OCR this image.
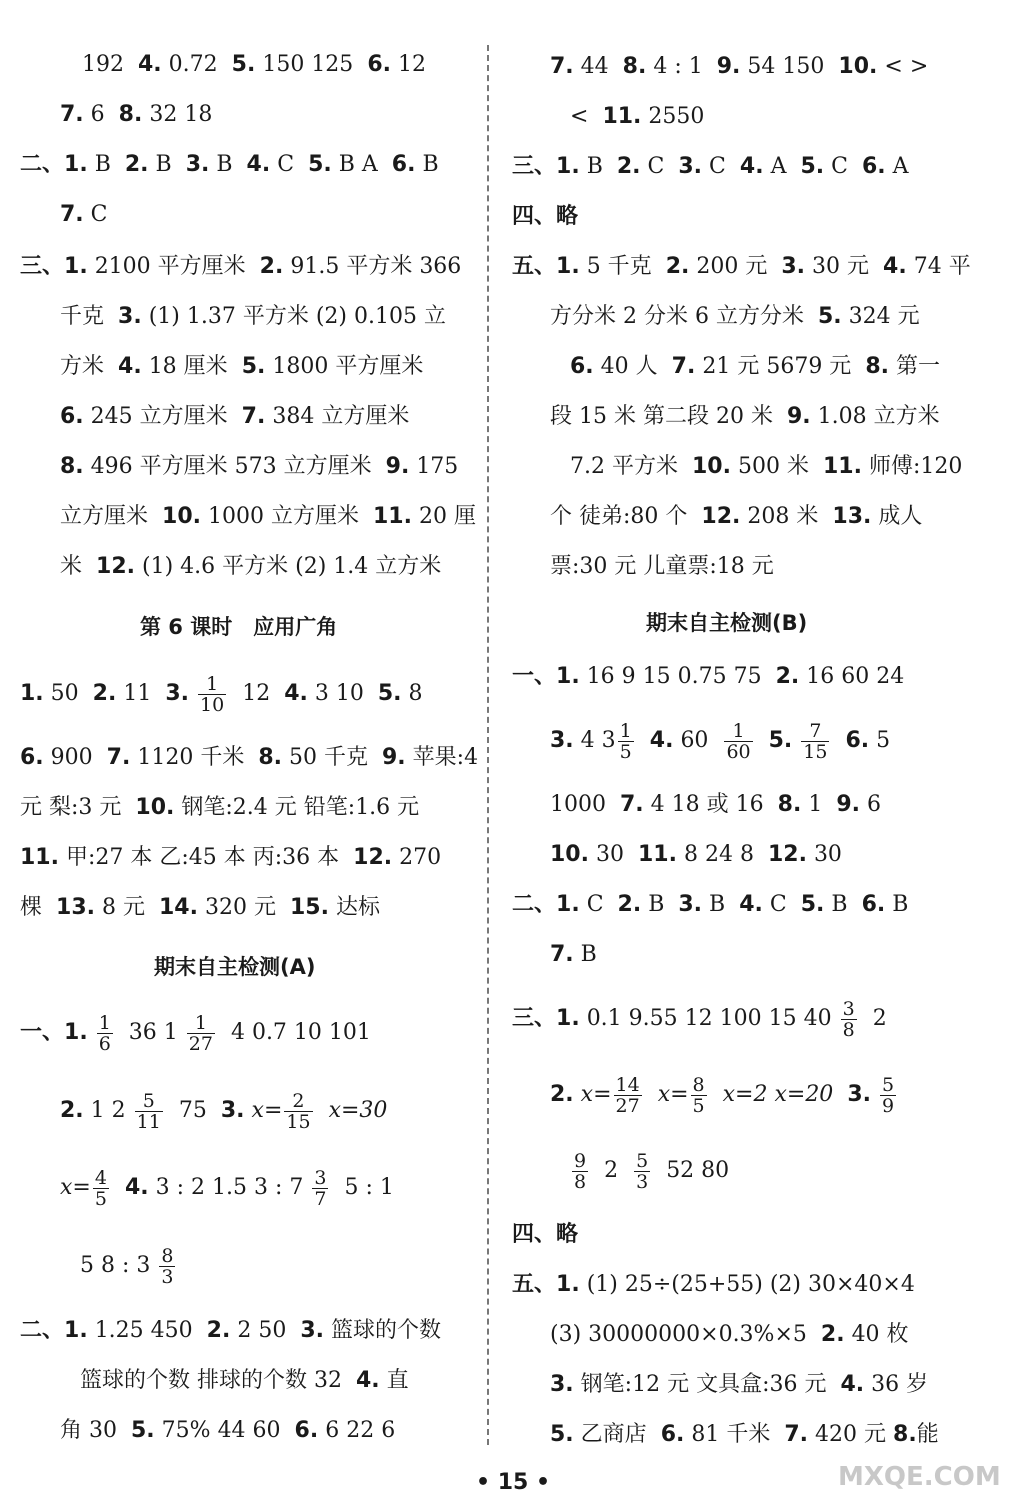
192 4. 0.72 5. 150 125 6. 12
7. 6 8. 32 18
二、1. B 2. B 3. B 4. C 5. B A 6. B
7. C
三、1. 2100 平方厘米 2. 91.5 平方米 366
千克 3. (1) 1.37 平方米 (2) 0.105 立
方米 4. 18 厘米 5. 1800 平方厘米
6. 245 立方厘米 7. 384 立方厘米
8. 496 平方厘米 573 立方厘米 9. 175
立方厘米 10. 1000 立方厘米 11. 20 厘
米 12. (1) 4.6 平方米 (2) 1.4 立方米
第 6 课时　应用广角
1. 50 2. 11 3. $\frac{1}{10} 12$ 4. 3 10 5. 8
6. 900 7. 1120 千米 8. 50 千克 9. 苹果:4
元 梨:3 元 10. 钢笔:2.4 元 铅笔:1.6 元
11. 甲:27 本 乙:45 本 丙:36 本 12. 270
棵 13. 8 元 14. 320 元 15. 达标
期末自主检测(A)
一、1. $\frac{1}{6} 36$ $1 \frac{1}{27} 4$ 0.7 10 101
2. 1 $2 \frac{5}{11} 75$ 3. $x= \frac{2}{15} x=30$
$x= \frac{4}{5} 4$. 3 : 2 1.5 3 : $7 \frac{3}{7} 5$ : 1
5 8 : $3 \frac{8}{3}$
二、1. 1.25 450 2. 2 50 3. 篮球的个数
篮球的个数 排球的个数 32 4. 直
角 30 5. 75% 44 60 6. 6 22 6
7. 44 8. 4 : 1 9. 54 150 10. < >
< 11. 2550
三、1. B 2. C 3. C 4. A 5. C 6. A
四、略
五、1. 5 千克 2. 200 元 3. 30 元 4. 74 平
方分米 2 分米 6 立方分米 5. 324 元
6. 40 人 7. 21 元 5679 元 8. 第一
段 15 米 第二段 20 米 9. 1.08 立方米
7.2 平方米 10. 500 米 11. 师傅:120
个 徒弟:80 个 12. 208 米 13. 成人
票:30 元 儿童票:18 元
期末自主检测(B)
一、1. 16 9 15 0.75 75 2. 16 60 24
3. 4 $3 \frac{1}{5} 4$. $60 \frac{1}{60} 5$. $\frac{7}{15} 6$. 5
1000 7. 4 18 或 16 8. 1 9. 6
10. 30 11. 8 24 8 12. 30
二、1. C 2. B 3. B 4. C 5. B 6. B
7. B
三、1. 0.1 9.55 12 100 15 $40 \frac{3}{8} 2$
2. $x= \frac{14}{27} x= \frac{8}{5} x=2$ x=20 3. $\frac{5}{9}$
$\frac{9}{8} 2 \frac{5}{3} 52$ 80
四、略
五、1. (1) 25÷(25+55) (2) 30×40×4
(3) 30000000×0.3%×5 2. 40 枚
3. 钢笔:12 元 文具盒:36 元 4. 36 岁
5. 乙商店 6. 81 千米 7. 420 元 8.能
MXQE.COM
• 15 •
